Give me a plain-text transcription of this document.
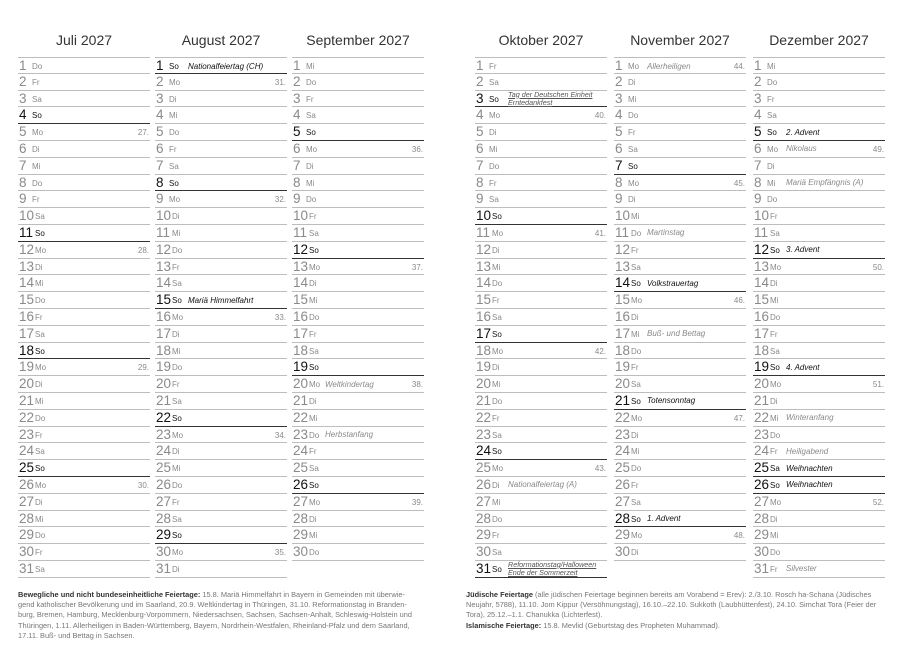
Juli 2027
1 Do
2 Fr
3 Sa
4 So
5 Mo	27.
6 Di
7 Mi
8 Do
9 Fr
10 Sa
11 So
12 Mo	28.
13 Di
14 Mi
15 Do
16 Fr
17 Sa
18 So
19 Mo	29.
20 Di
21 Mi
22 Do
23 Fr
24 Sa
25 So
26 Mo	30.
27 Di
28 Mi
29 Do
30 Fr
31 Sa
August 2027
1 So Nationalfeiertag (CH)
2 Mo	31.
3 Di
4 Mi
5 Do
6 Fr
7 Sa
8 So
9 Mo	32.
10 Di
11 Mi
12 Do
13 Fr
14 Sa
15 So Mariä Himmelfahrt
16 Mo	33.
17 Di
18 Mi
19 Do
20 Fr
21 Sa
22 So
23 Mo	34.
24 Di
25 Mi
26 Do
27 Fr
28 Sa
29 So
30 Mo	35.
31 Di
September 2027
1 Mi
2 Do
3 Fr
4 Sa
5 So
6 Mo	36.
7 Di
8 Mi
9 Do
10 Fr
11 Sa
12 So
13 Mo	37.
14 Di
15 Mi
16 Do
17 Fr
18 Sa
19 So
20 Mo Weltkindertag	38.
21 Di
22 Mi
23 Do Herbstanfang
24 Fr
25 Sa
26 So
27 Mo	39.
28 Di
29 Mi
30 Do
Oktober 2027
1 Fr
2 Sa
3 So
Tag der Deutschen Einheit
Erntedankfest
4 Mo	40.
5 Di
6 Mi
7 Do
8 Fr
9 Sa
10 So
11 Mo	41.
12 Di
13 Mi
14 Do
15 Fr
16 Sa
17 So
18 Mo	42.
19 Di
20 Mi
21 Do
22 Fr
23 Sa
24 So
25 Mo	43.
26 Di Nationalfeiertag (A)
27 Mi
28 Do
29 Fr
30 Sa
31 So
Reformationstag/Halloween
Ende der Sommerzeit
November 2027
1 Mo Allerheiligen	44.
2 Di
3 Mi
4 Do
5 Fr
6 Sa
7 So
8 Mo	45.
9 Di
10 Mi
11 Do Martinstag
12 Fr
13 Sa
14 So Volkstrauertag
15 Mo	46.
16 Di
17 Mi Buß- und Bettag
18 Do
19 Fr
20 Sa
21 So Totensonntag
22 Mo	47.
23 Di
24 Mi
25 Do
26 Fr
27 Sa
28 So 1. Advent
29 Mo	48.
30 Di
Dezember 2027
1 Mi
2 Do
3 Fr
4 Sa
5 So 2. Advent
6 Mo Nikolaus	49.
7 Di
8 Mi Mariä Empfängnis (A)
9 Do
10 Fr
11 Sa
12 So 3. Advent
13 Mo	50.
14 Di
15 Mi
16 Do
17 Fr
18 Sa
19 So 4. Advent
20 Mo	51.
21 Di
22 Mi Winteranfang
23 Do
24 Fr Heiligabend
25 Sa Weihnachten
26 So Weihnachten
27 Mo	52.
28 Di
29 Mi
30 Do
31 Fr Silvester
Bewegliche und nicht bundeseinheitliche Feiertage: 15.8. Mariä Himmelfahrt in Bayern in Gemeinden mit überwie-
gend katholischer Bevölkerung und im Saarland, 20.9. Weltkindertag in Thüringen, 31.10. Reformationstag in Branden-
burg, Bremen, Hamburg, Mecklenburg-Vorpommern, Niedersachsen, Sachsen, Sachsen-Anhalt, Schleswig-Holstein und
Thüringen, 1.11. Allerheiligen in Baden-Württemberg, Bayern, Nordrhein-Westfalen, Rheinland-Pfalz und dem Saarland,
17.11. Buß- und Bettag in Sachsen.
Jüdische Feiertage (alle jüdischen Feiertage beginnen bereits am Vorabend = Erev): 2./3.10. Rosch ha-Schana (Jüdisches
Neujahr, 5788), 11.10. Jom Kippur (Versöhnungstag), 16.10.–22.10. Sukkoth (Laubhüttenfest), 24.10. Simchat Tora (Feier der
Tora), 25.12.–1.1. Chanukka (Lichterfest).
Islamische Feiertage: 15.8. Mevlid (Geburtstag des Propheten Muhammad).
